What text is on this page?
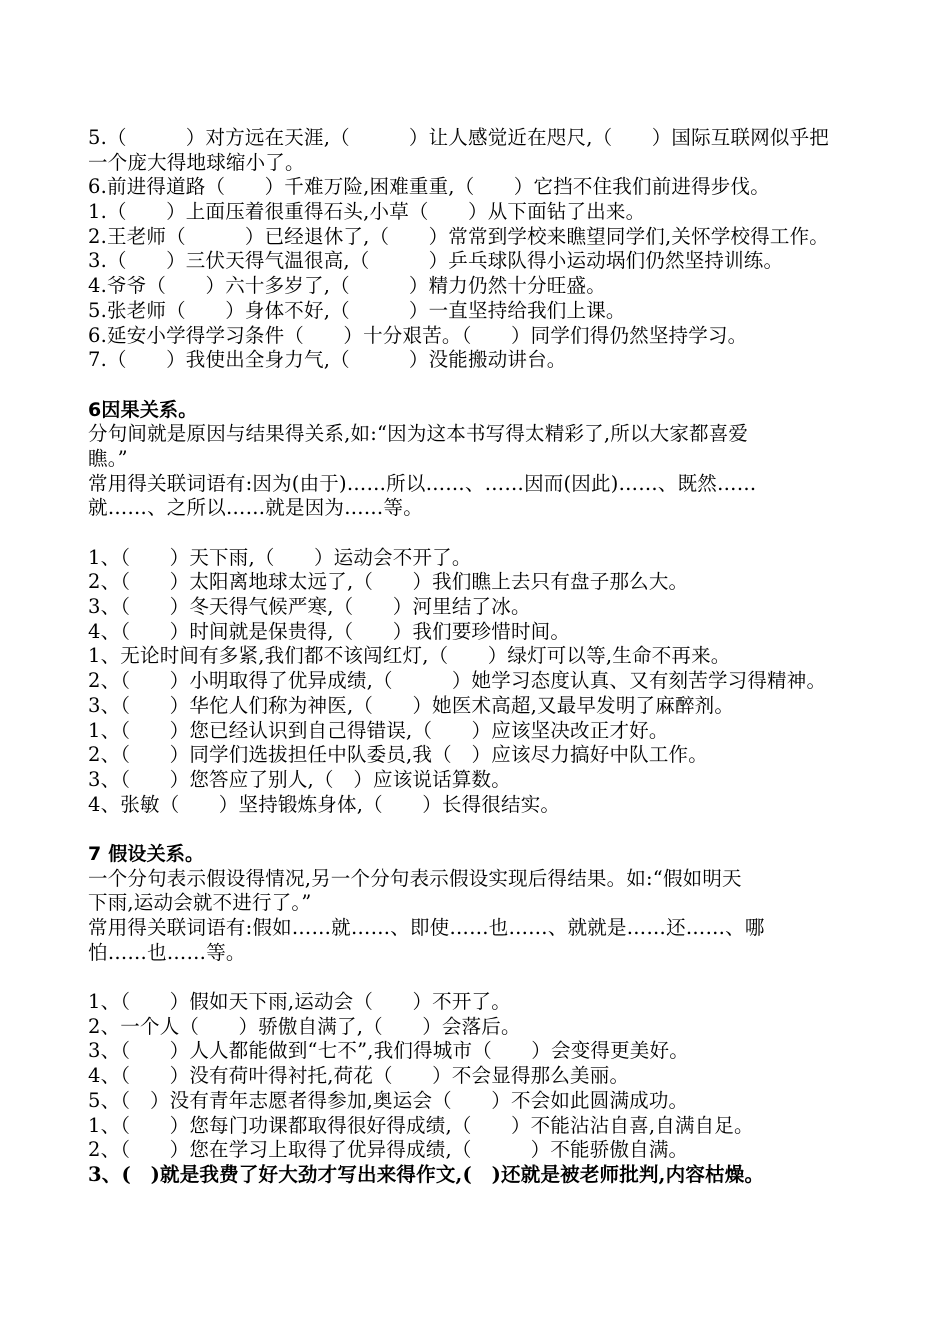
5.（　　　）对方远在天涯,（　　　）让人感觉近在咫尺,（　　）国际互联网似乎把
一个庞大得地球缩小了。
6.前进得道路（　　）千难万险,困难重重,（　　）它挡不住我们前进得步伐。
1.（　　）上面压着很重得石头,小草（　　）从下面钻了出来。
2.王老师（　　　）已经退休了,（　　）常常到学校来瞧望同学们,关怀学校得工作。
3.（　　）三伏天得气温很高,（　　　）乒乓球队得小运动埚们仍然坚持训练。
4.爷爷（　　）六十多岁了,（　　　）精力仍然十分旺盛。
5.张老师（　　）身体不好,（　　　）一直坚持给我们上课。
6.延安小学得学习条件（　　）十分艰苦。（　　）同学们得仍然坚持学习。
7.（　　）我使出全身力气,（　　　）没能搬动讲台。
6因果关系。
分句间就是原因与结果得关系,如:“因为这本书写得太精彩了,所以大家都喜爱
瞧。”
常用得关联词语有:因为(由于)……所以……、……因而(因此)……、既然……
就……、之所以……就是因为……等。
1、（　　）天下雨,（　　）运动会不开了。
2、（　　）太阳离地球太远了,（　　）我们瞧上去只有盘子那么大。
3、（　　）冬天得气候严寒,（　　）河里结了冰。
4、（　　）时间就是保贵得,（　　）我们要珍惜时间。
1、无论时间有多紧,我们都不该闯红灯,（　　）绿灯可以等,生命不再来。
2、（　　）小明取得了优异成绩,（　　　）她学习态度认真、又有刻苦学习得精神。
3、（　　）华佗人们称为神医,（　　）她医术高超,又最早发明了麻醉剂。
1、（　　）您已经认识到自己得错误,（　　）应该坚决改正才好。
2、（　　）同学们选拔担任中队委员,我（　）应该尽力搞好中队工作。
3、（　　）您答应了别人,（　）应该说话算数。
4、张敏（　　）坚持锻炼身体,（　　）长得很结实。
7 假设关系。
一个分句表示假设得情况,另一个分句表示假设实现后得结果。如:“假如明天
下雨,运动会就不进行了。”
常用得关联词语有:假如……就……、即使……也……、就就是……还……、哪
怕……也……等。
1、（　　）假如天下雨,运动会（　　）不开了。
2、一个人（　　）骄傲自满了,（　　）会落后。
3、（　　）人人都能做到“七不”,我们得城市（　　）会变得更美好。
4、（　　）没有荷叶得衬托,荷花（　　）不会显得那么美丽。
5、（　）没有青年志愿者得参加,奥运会（　　）不会如此圆满成功。
1、（　　）您每门功课都取得很好得成绩,（　　）不能沾沾自喜,自满自足。
2、（　　）您在学习上取得了优异得成绩,（　　　）不能骄傲自满。
3、(　)就是我费了好大劲才写出来得作文,(　)还就是被老师批判,内容枯燥。
